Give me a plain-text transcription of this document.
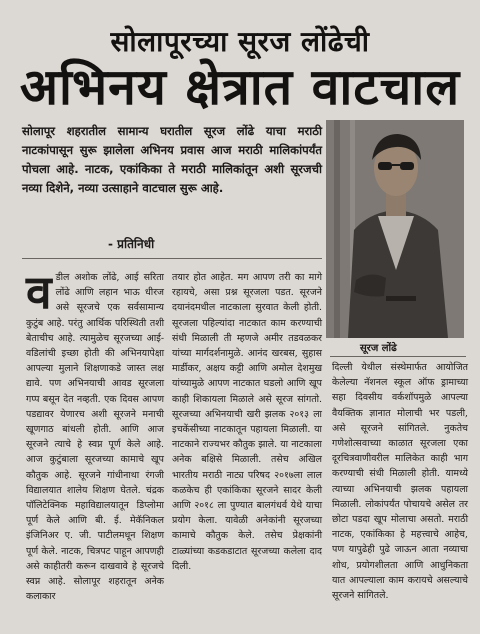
सोलापूरच्या सूरज लोंढेची
अभिनय क्षेत्रात वाटचाल
सोलापूर शहरातील सामान्य घरातील सूरज लोंढे याचा मराठी नाटकांपासून सुरू झालेला अभिनय प्रवास आज मराठी मालिकांपर्यंत पोचला आहे. नाटक, एकांकिका ते मराठी मालिकांतून अशी सूरजची नव्या दिशेने, नव्या उत्साहाने वाटचाल सुरू आहे.
- प्रतिनिधी
सूरज लोंढे
व डील अशोक लोंढे, आई सरिता लोंढे आणि लहान भाऊ धीरज असे सूरजचे एक सर्वसामान्य कुटुंब आहे. परंतु आर्थिक परिस्थिती तशी बेताचीच आहे. त्यामुळेच सूरजच्या आई-वडिलांची इच्छा होती की अभिनयापेक्षा आपल्या मुलाने शिक्षणाकडे जास्त लक्ष द्यावे. पण अभिनयाची आवड सूरजला गप्प बसून देत नव्हती. एक दिवस आपण पडद्यावर येणारच अशी सूरजने मनाची खूणगाठ बांधली होती. आणि आज सूरजने त्याचे हे स्वप्न पूर्ण केले आहे. आज कुटुंबाला सूरजच्या कामाचे खूप कौतुक आहे. सूरजने गांधीनाथा रंगजी विद्यालयात शालेय शिक्षण घेतले. चंद्रक पॉलिटेक्निक महाविद्यालयातून डिप्लोमा पूर्ण केले आणि बी. ई. मेकॅनिकल इंजिनिअर ए. जी. पाटीलमधून शिक्षण पूर्ण केले. नाटक, चित्रपट पाहून आपणही असे काहीतरी करून दाखवावे हे सूरजचे स्वप्न आहे. सोलापूर शहरातून अनेक कलाकार

तयार होत आहेत. मग आपण तरी का मागे रहायचे, असा प्रश्न सूरजला पडत. सूरजने दयानंदमधील नाटकाला सुरवात केली होती. सूरजला पहिल्यांदा नाटकात काम करण्याची संधी मिळाली ती म्हणजे अमीर तडवळकर यांच्या मार्गदर्शनामुळे. आनंद खरबस, सुहास मार्डीकर, अक्षय कट्टी आणि अमोल देशमुख यांच्यामुळे आपण नाटकात घडलो आणि खूप काही शिकायला मिळाले असे सूरज सांगतो. सूरजच्या अभिनयाची खरी झलक २०१३ ला इचकेंसीच्या नाटकातून पहायला मिळाली. या नाटकाने राज्यभर कौतुक झाले. या नाटकाला अनेक बक्षिसे मिळाली. तसेच अखिल भारतीय मराठी नाट्य परिषद २०१७ला लाल कळकेच ही एकांकिका सूरजने सादर केली आणि २०१८ ला पुण्यात बालगंधर्व येथे याचा प्रयोग केला. यावेळी अनेकांनी सूरजच्या कामाचे कौतुक केले. तसेच प्रेक्षकांनी टाळ्यांच्या कडकडाटात सूरजच्या कलेला दाद दिली.

दिल्ली येथील संस्थेमार्फत आयोजित केलेल्या नॅशनल स्कूल ऑफ ड्रामाच्या सहा दिवसीय वर्कशॉपमुळे आपल्या वैयक्तिक ज्ञानात मोलाची भर पडली, असे सूरजने सांगितले. नुकतेच गणेशोत्सवाच्या काळात सूरजला एका दूरचित्रवाणीवरील मालिकेत काही भाग करण्याची संधी मिळाली होती. यामध्ये त्याच्या अभिनयाची झलक पहायला मिळाली. लोकांपर्यंत पोचायचे असेल तर छोटा पडदा खूप मोलाचा असतो. मराठी नाटक, एकांकिका हे महत्त्वाचे आहेच, पण यापुढेही पुढे जाऊन आता नव्याचा शोध, प्रयोगशीलता आणि आधुनिकता यात आपल्याला काम करायचे असल्याचे सूरजने सांगितले.
